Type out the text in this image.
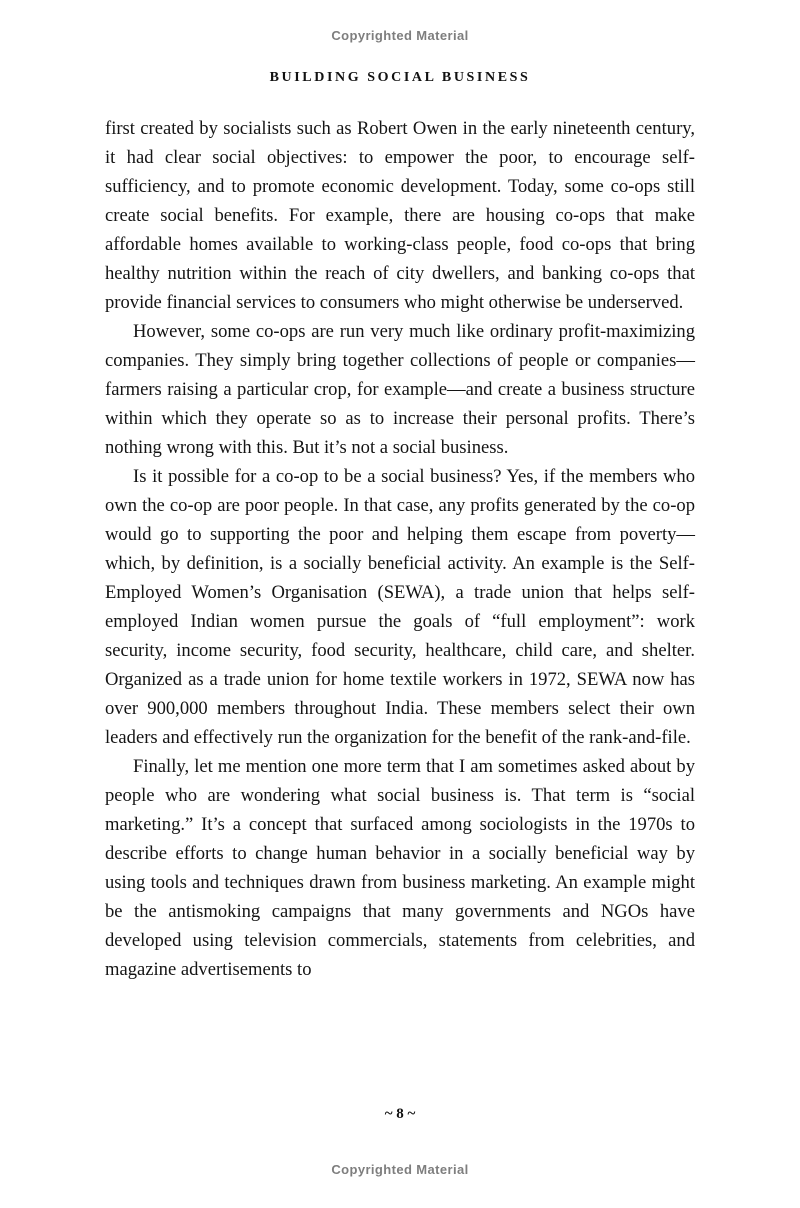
Copyrighted Material
BUILDING SOCIAL BUSINESS

first created by socialists such as Robert Owen in the early nineteenth century, it had clear social objectives: to empower the poor, to encourage self-sufficiency, and to promote economic development. Today, some co-ops still create social benefits. For example, there are housing co-ops that make affordable homes available to working-class people, food co-ops that bring healthy nutrition within the reach of city dwellers, and banking co-ops that provide financial services to consumers who might otherwise be underserved.

However, some co-ops are run very much like ordinary profit-maximizing companies. They simply bring together collections of people or companies—farmers raising a particular crop, for example—and create a business structure within which they operate so as to increase their personal profits. There’s nothing wrong with this. But it’s not a social business.

Is it possible for a co-op to be a social business? Yes, if the members who own the co-op are poor people. In that case, any profits generated by the co-op would go to supporting the poor and helping them escape from poverty—which, by definition, is a socially beneficial activity. An example is the Self-Employed Women’s Organisation (SEWA), a trade union that helps self-employed Indian women pursue the goals of “full employment”: work security, income security, food security, healthcare, child care, and shelter. Organized as a trade union for home textile workers in 1972, SEWA now has over 900,000 members throughout India. These members select their own leaders and effectively run the organization for the benefit of the rank-and-file.

Finally, let me mention one more term that I am sometimes asked about by people who are wondering what social business is. That term is “social marketing.” It’s a concept that surfaced among sociologists in the 1970s to describe efforts to change human behavior in a socially beneficial way by using tools and techniques drawn from business marketing. An example might be the antismoking campaigns that many governments and NGOs have developed using television commercials, statements from celebrities, and magazine advertisements to

~ 8 ~
Copyrighted Material
